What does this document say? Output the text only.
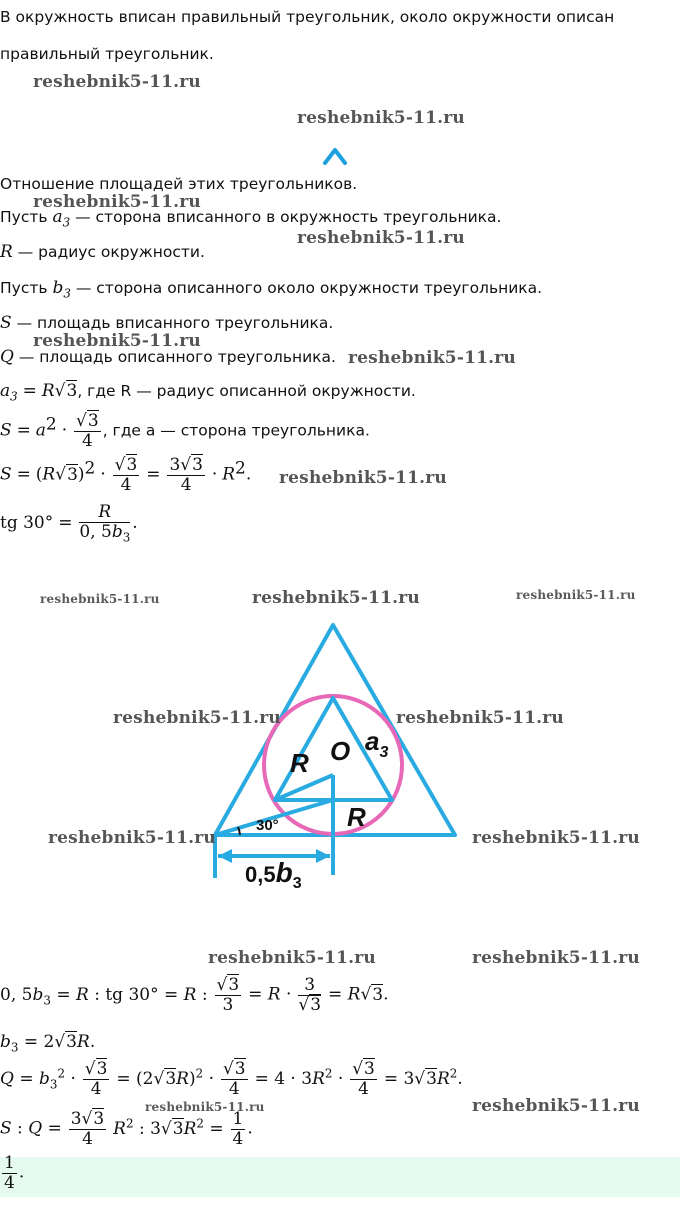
В окружность вписан правильный треугольник, около окружности описан
правильный треугольник.
reshebnik5-11.ru
reshebnik5-11.ru
Отношение площадей этих треугольников.
reshebnik5-11.ru
Пусть $a_3$ — сторона вписанного в окружность треугольника.
reshebnik5-11.ru
R — радиус окружности.
Пусть $b_3$ — сторона описанного около окружности треугольника.
S — площадь вписанного треугольника.
reshebnik5-11.ru
Q — площадь описанного треугольника. reshebnik5-11.ru
$a_3 = R√3$, где R — радиус описанной окружности.
$S = a^2 \cdot \frac{√3}{4}$ , где a — сторона треугольника.
$S = (R√3)^2 \cdot \frac{√3}{4} = \frac{3√3}{4} \cdot R^2$. reshebnik5-11.ru
tg $30^\circ = \frac{R}{0, 5b_3}$ .
reshebnik5-11.ru	reshebnik5-11.ru	reshebnik5-11.ru
O $a_3$
R
R
30°
$0,5b_3$
reshebnik5-11.ru	reshebnik5-11.ru
reshebnik5-11.ru	reshebnik5-11.ru
reshebnik5-11.ru	reshebnik5-11.ru
0, $5b_3 = R$ : tg 30° = R : $\frac{√3}{3} = R \cdot \frac{3}{√3} = R√3$.
$b_3 = 2√3R$.
$Q = b_3^2 \cdot \frac{√3}{4} = (2√3R)^2 \cdot \frac{√3}{4} = 4 \cdot 3R^2 \cdot \frac{√3}{4} = 3√3R^2$.
reshebnik5-11.ru	reshebnik5-11.ru
S : $Q = \frac{3√3}{4} R^2$ : $3√3R^2 = \frac{1}{4}$ .
$\frac{1}{4}$ .
